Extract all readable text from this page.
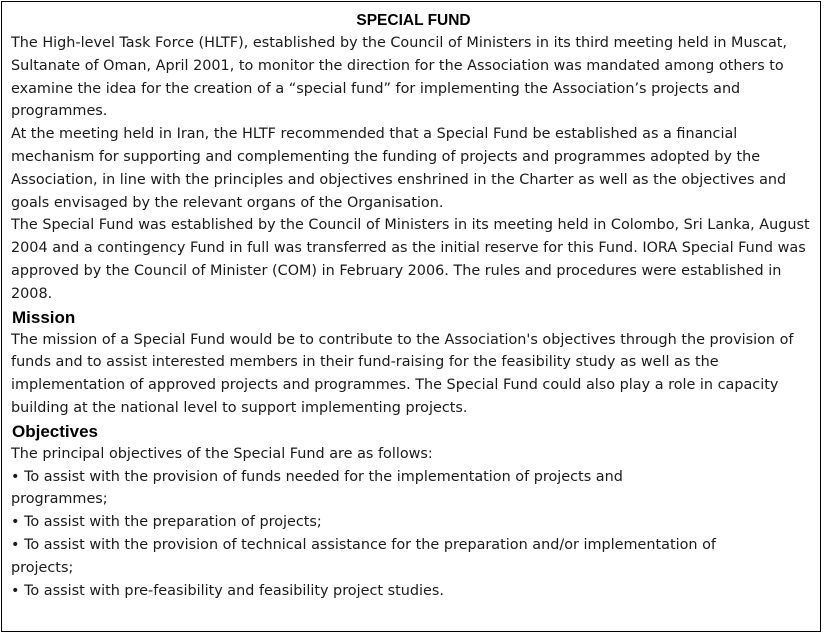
SPECIAL FUND

The High-level Task Force (HLTF), established by the Council of Ministers in its third meeting held in Muscat, Sultanate of Oman, April 2001, to monitor the direction for the Association was mandated among others to examine the idea for the creation of a “special fund” for implementing the Association’s projects and programmes.

At the meeting held in Iran, the HLTF recommended that a Special Fund be established as a financial mechanism for supporting and complementing the funding of projects and programmes adopted by the Association, in line with the principles and objectives enshrined in the Charter as well as the objectives and goals envisaged by the relevant organs of the Organisation.

The Special Fund was established by the Council of Ministers in its meeting held in Colombo, Sri Lanka, August 2004 and a contingency Fund in full was transferred as the initial reserve for this Fund. IORA Special Fund was approved by the Council of Minister (COM) in February 2006. The rules and procedures were established in 2008.

Mission

The mission of a Special Fund would be to contribute to the Association's objectives through the provision of funds and to assist interested members in their fund-raising for the feasibility study as well as the implementation of approved projects and programmes. The Special Fund could also play a role in capacity building at the national level to support implementing projects.

Objectives

The principal objectives of the Special Fund are as follows:

• To assist with the provision of funds needed for the implementation of projects and programmes;
• To assist with the preparation of projects;
• To assist with the provision of technical assistance for the preparation and/or implementation of projects;
• To assist with pre-feasibility and feasibility project studies.
